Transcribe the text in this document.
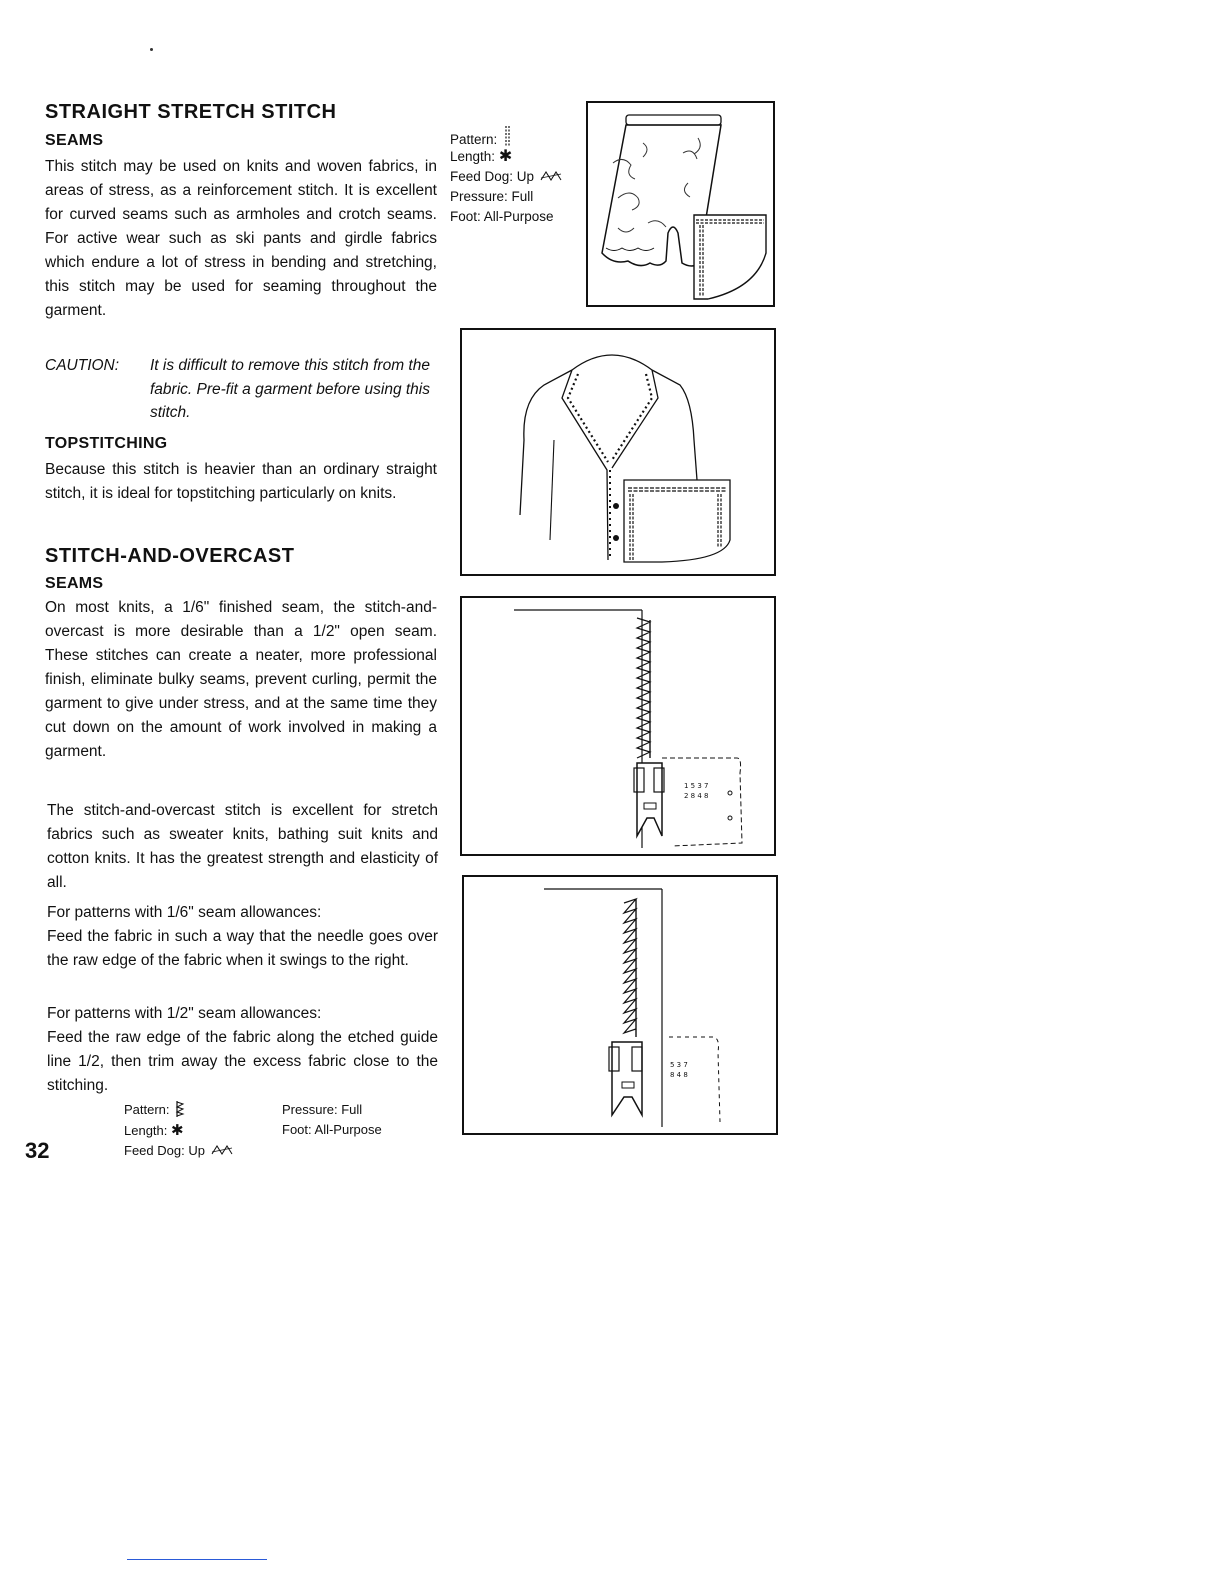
STRAIGHT STRETCH STITCH
SEAMS
This stitch may be used on knits and woven fabrics, in areas of stress, as a reinforcement stitch. It is excellent for curved seams such as armholes and crotch seams. For active wear such as ski pants and girdle fabrics which endure a lot of stress in bending and stretching, this stitch may be used for seaming throughout the garment.
CAUTION: It is difficult to remove this stitch from the fabric. Pre-fit a garment before using this stitch.
TOPSTITCHING
Because this stitch is heavier than an ordinary straight stitch, it is ideal for topstitching particularly on knits.
Pattern:
Length: ✱
Feed Dog: Up
Pressure: Full
Foot: All-Purpose
STITCH-AND-OVERCAST
SEAMS
On most knits, a 1/6" finished seam, the stitch-and-overcast is more desirable than a 1/2" open seam. These stitches can create a neater, more professional finish, eliminate bulky seams, prevent curling, permit the garment to give under stress, and at the same time they cut down on the amount of work involved in making a garment.
The stitch-and-overcast stitch is excellent for stretch fabrics such as sweater knits, bathing suit knits and cotton knits. It has the greatest strength and elasticity of all.
For patterns with 1/6" seam allowances:
Feed the fabric in such a way that the needle goes over the raw edge of the fabric when it swings to the right.
For patterns with 1/2" seam allowances:
Feed the raw edge of the fabric along the etched guide line 1/2, then trim away the excess fabric close to the stitching.
Pattern:
Length: ✱
Feed Dog: Up
Pressure: Full
Foot: All-Purpose
1 5 3 7
2 8 4 8
5 3 7
8 4 8
32
